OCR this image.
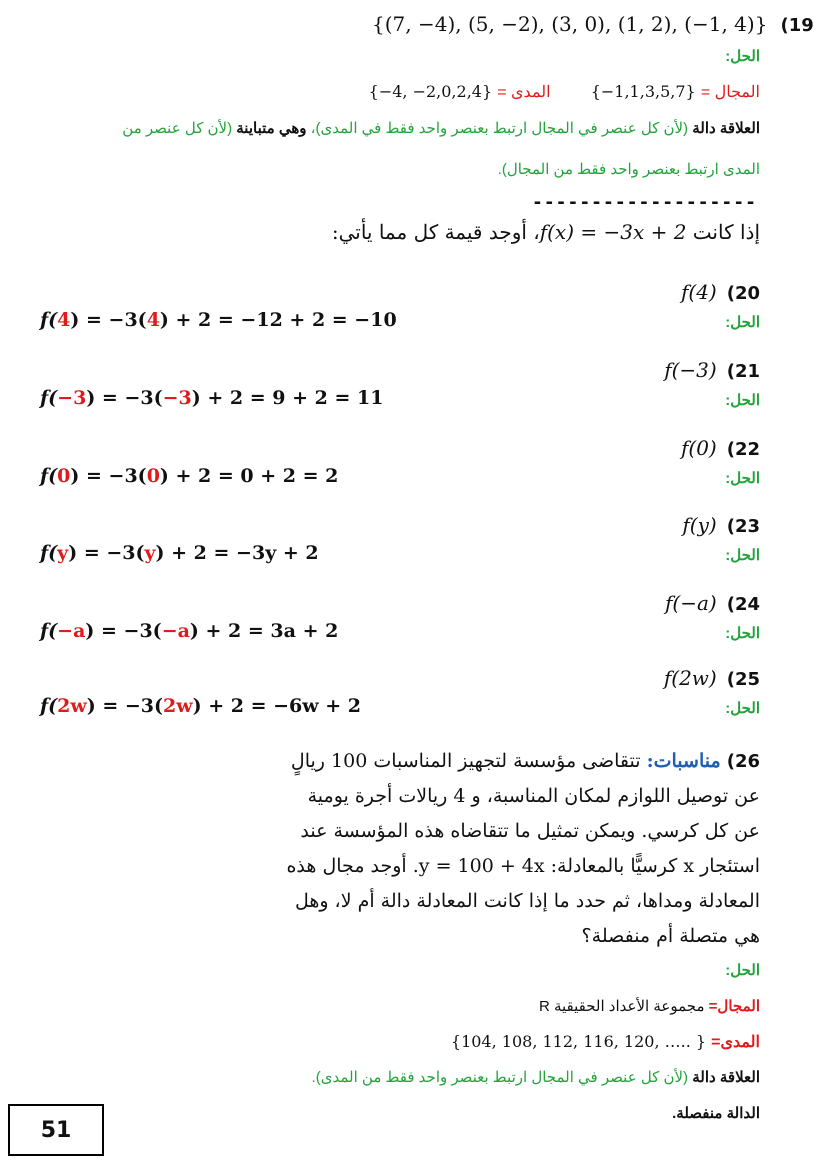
{(7, −4), (5, −2), (3, 0), (1, 2), (−1, 4)} (19
الحل:
المجال = {−1,1,3,5,7}  المدى = {−4, −2,0,2,4}
العلاقة دالة (لأن كل عنصر في المجال ارتبط بعنصر واحد فقط في المدى)، وهي متباينة (لأن كل عنصر من
المدى ارتبط بعنصر واحد فقط من المجال).
-------------------
إذا كانت f(x) = −3x + 2، أوجد قيمة كل مما يأتي:
f(4) (20
الحل:
f(4) = −3(4) + 2 = −12 + 2 = −10
f(−3) (21
الحل:
f(−3) = −3(−3) + 2 = 9 + 2 = 11
f(0) (22
الحل:
f(0) = −3(0) + 2 = 0 + 2 = 2
f(y) (23
الحل:
f(y) = −3(y) + 2 = −3y + 2
f(−a) (24
الحل:
f(−a) = −3(−a) + 2 = 3a + 2
f(2w) (25
الحل:
f(2w) = −3(2w) + 2 = −6w + 2
26) مناسبات: تتقاضى مؤسسة لتجهيز المناسبات 100 ريالٍ
عن توصيل اللوازم لمكان المناسبة، و 4 ريالات أجرة يومية
عن كل كرسي. ويمكن تمثيل ما تتقاضاه هذه المؤسسة عند
استئجار x كرسيًّا بالمعادلة: y = 100 + 4x. أوجد مجال هذه
المعادلة ومداها، ثم حدد ما إذا كانت المعادلة دالة أم لا، وهل
هي متصلة أم منفصلة؟
الحل:
المجال= مجموعة الأعداد الحقيقية R
المدى= {104, 108, 112, 116, 120, ….. }
العلاقة دالة (لأن كل عنصر في المجال ارتبط بعنصر واحد فقط من المدى).
الدالة منفصلة.
51
